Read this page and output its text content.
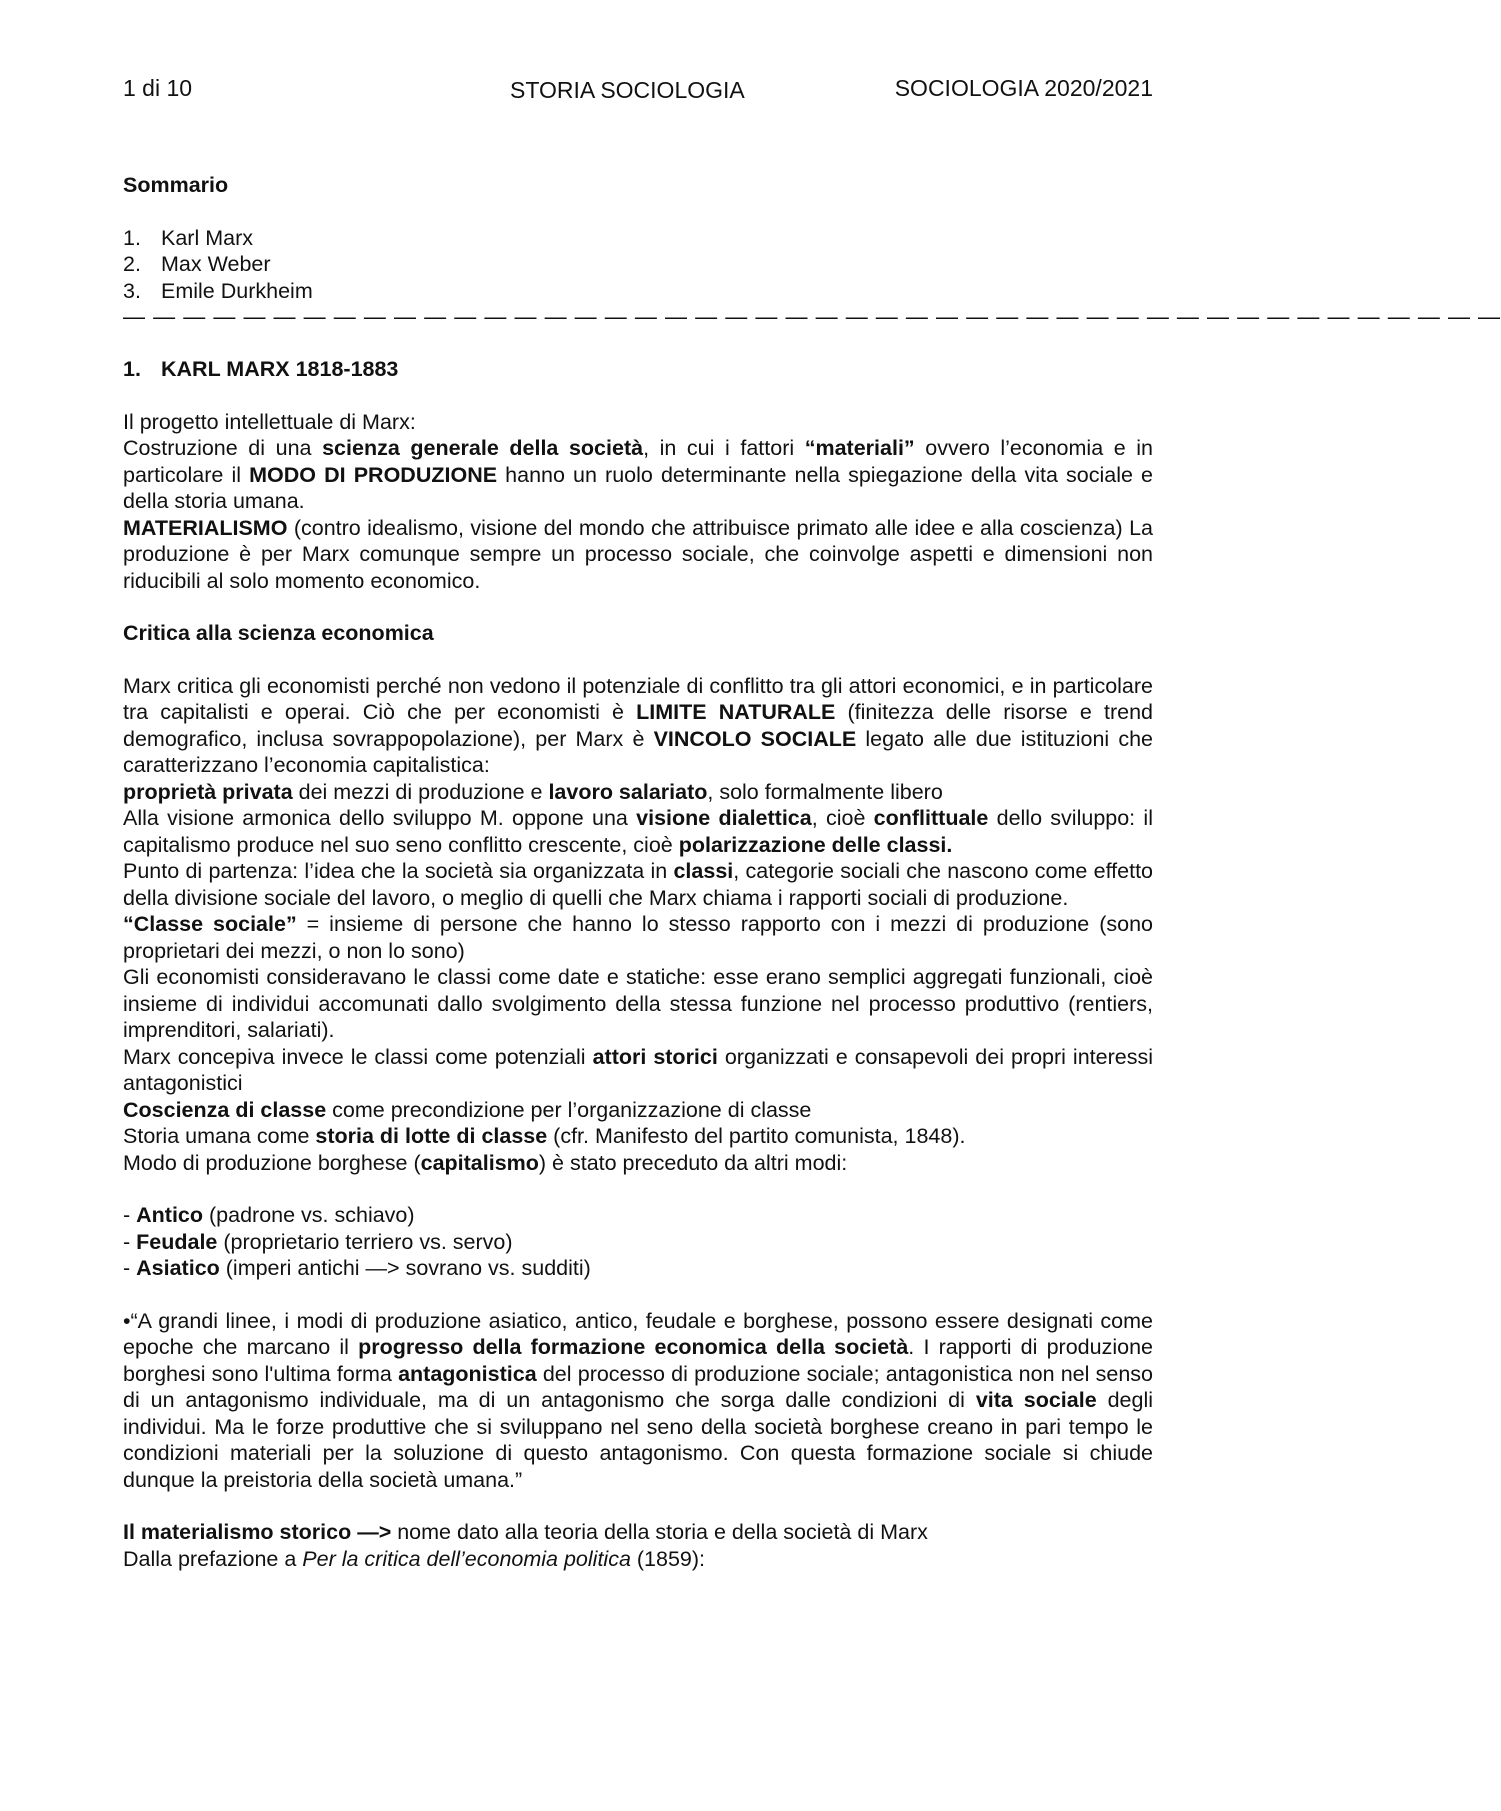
1 di 10	STORIA SOCIOLOGIA	SOCIOLOGIA 2020/2021

Sommario

1. Karl Marx
2. Max Weber
3. Emile Durkheim
— — — — — — — — — — — — — — — — — — — — — — — — — — — — — — — — — — — — — — — — — — — — — —
1. KARL MARX 1818-1883

Il progetto intellettuale di Marx:

Costruzione di una scienza generale della società, in cui i fattori “materiali” ovvero l’economia e in particolare il MODO DI PRODUZIONE hanno un ruolo determinante nella spiegazione della vita sociale e della storia umana.

MATERIALISMO (contro idealismo, visione del mondo che attribuisce primato alle idee e alla coscienza) La produzione è per Marx comunque sempre un processo sociale, che coinvolge aspetti e dimensioni non riducibili al solo momento economico.

Critica alla scienza economica

Marx critica gli economisti perché non vedono il potenziale di conflitto tra gli attori economici, e in particolare tra capitalisti e operai. Ciò che per economisti è LIMITE NATURALE (finitezza delle risorse e trend demografico, inclusa sovrappopolazione), per Marx è VINCOLO SOCIALE legato alle due istituzioni che caratterizzano l’economia capitalistica:

proprietà privata dei mezzi di produzione e lavoro salariato, solo formalmente libero

Alla visione armonica dello sviluppo M. oppone una visione dialettica, cioè conflittuale dello sviluppo: il capitalismo produce nel suo seno conflitto crescente, cioè polarizzazione delle classi.

Punto di partenza: l’idea che la società sia organizzata in classi, categorie sociali che nascono come effetto della divisione sociale del lavoro, o meglio di quelli che Marx chiama i rapporti sociali di produzione.

“Classe sociale” = insieme di persone che hanno lo stesso rapporto con i mezzi di produzione (sono proprietari dei mezzi, o non lo sono)

Gli economisti consideravano le classi come date e statiche: esse erano semplici aggregati funzionali, cioè insieme di individui accomunati dallo svolgimento della stessa funzione nel processo produttivo (rentiers, imprenditori, salariati).

Marx concepiva invece le classi come potenziali attori storici organizzati e consapevoli dei propri interessi antagonistici

Coscienza di classe come precondizione per l’organizzazione di classe

Storia umana come storia di lotte di classe (cfr. Manifesto del partito comunista, 1848).

Modo di produzione borghese (capitalismo) è stato preceduto da altri modi:

- Antico (padrone vs. schiavo)

- Feudale (proprietario terriero vs. servo)

- Asiatico (imperi antichi —> sovrano vs. sudditi)

•“A grandi linee, i modi di produzione asiatico, antico, feudale e borghese, possono essere designati come epoche che marcano il progresso della formazione economica della società. I rapporti di produzione borghesi sono l'ultima forma antagonistica del processo di produzione sociale; antagonistica non nel senso di un antagonismo individuale, ma di un antagonismo che sorga dalle condizioni di vita sociale degli individui. Ma le forze produttive che si sviluppano nel seno della società borghese creano in pari tempo le condizioni materiali per la soluzione di questo antagonismo. Con questa formazione sociale si chiude dunque la preistoria della società umana.”

Il materialismo storico —> nome dato alla teoria della storia e della società di Marx

Dalla prefazione a Per la critica dell’economia politica (1859):
